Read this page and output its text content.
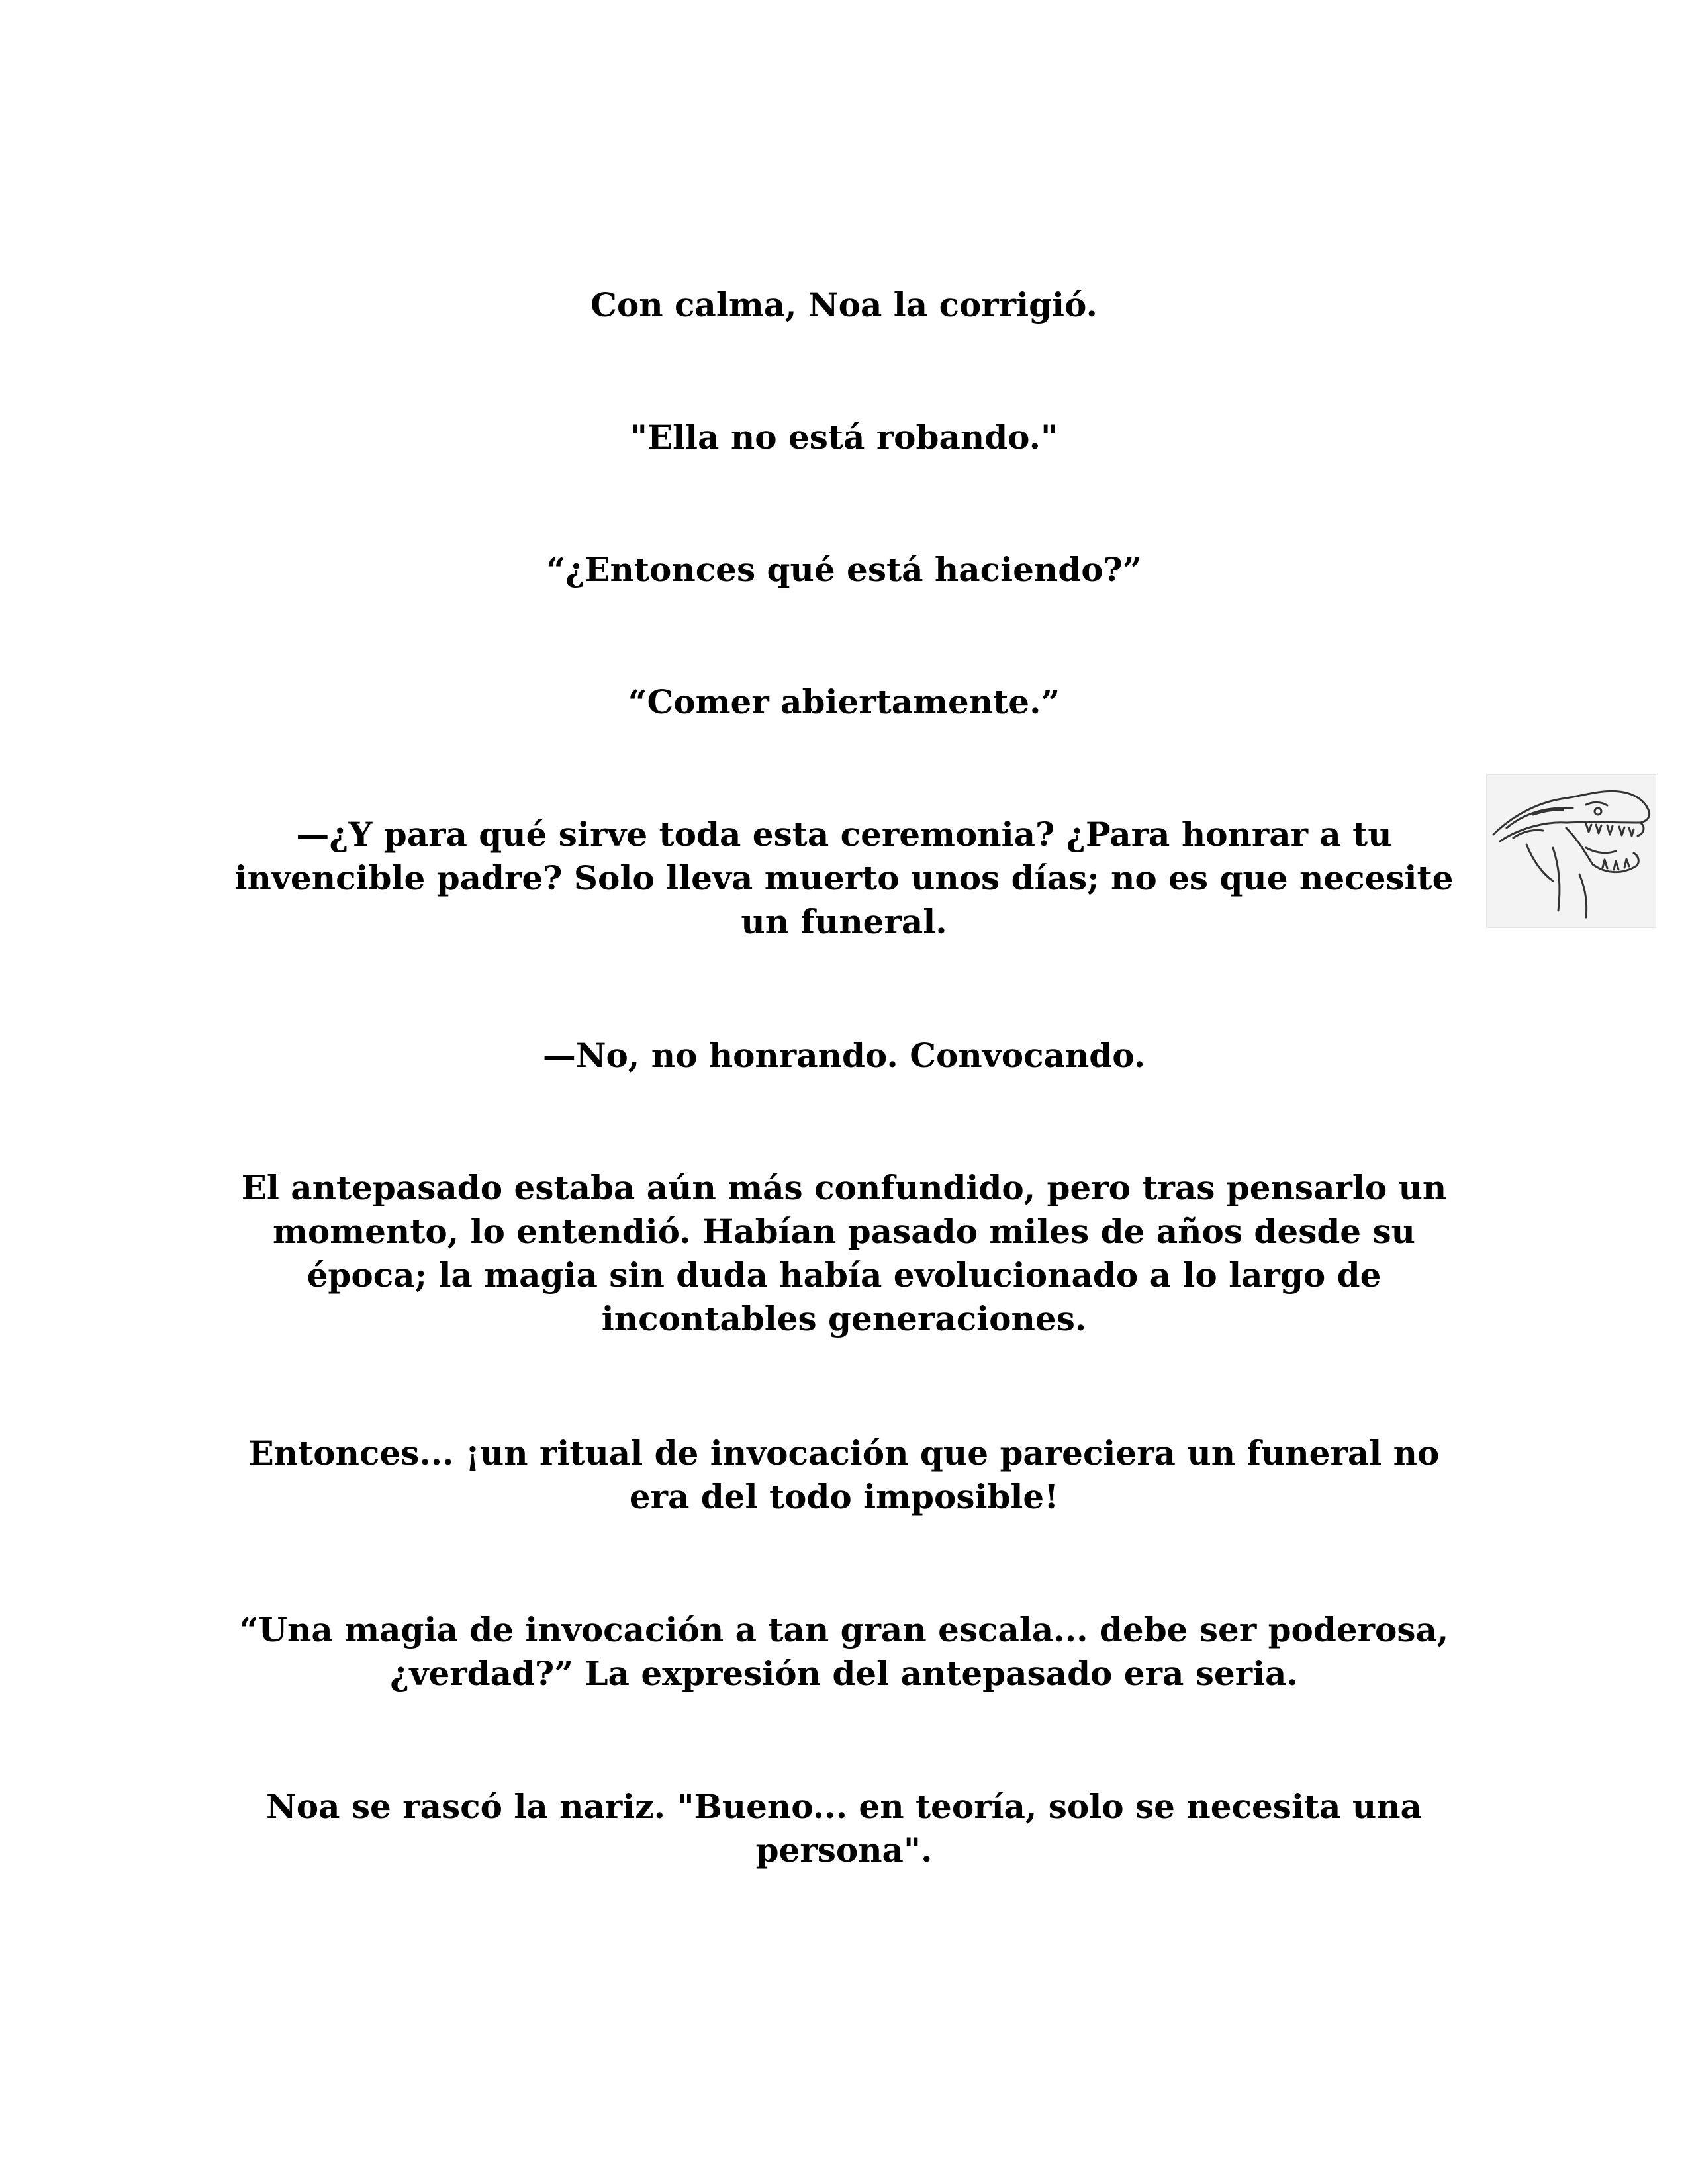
Con calma, Noa la corrigió.

"Ella no está robando."

“¿Entonces qué está haciendo?”

“Comer abiertamente.”

—¿Y para qué sirve toda esta ceremonia? ¿Para honrar a tu invencible padre? Solo lleva muerto unos días; no es que necesite un funeral.

—No, no honrando. Convocando.

El antepasado estaba aún más confundido, pero tras pensarlo un momento, lo entendió. Habían pasado miles de años desde su época; la magia sin duda había evolucionado a lo largo de incontables generaciones.

Entonces... ¡un ritual de invocación que pareciera un funeral no era del todo imposible!

“Una magia de invocación a tan gran escala... debe ser poderosa, ¿verdad?” La expresión del antepasado era seria.

Noa se rascó la nariz. "Bueno... en teoría, solo se necesita una persona".
